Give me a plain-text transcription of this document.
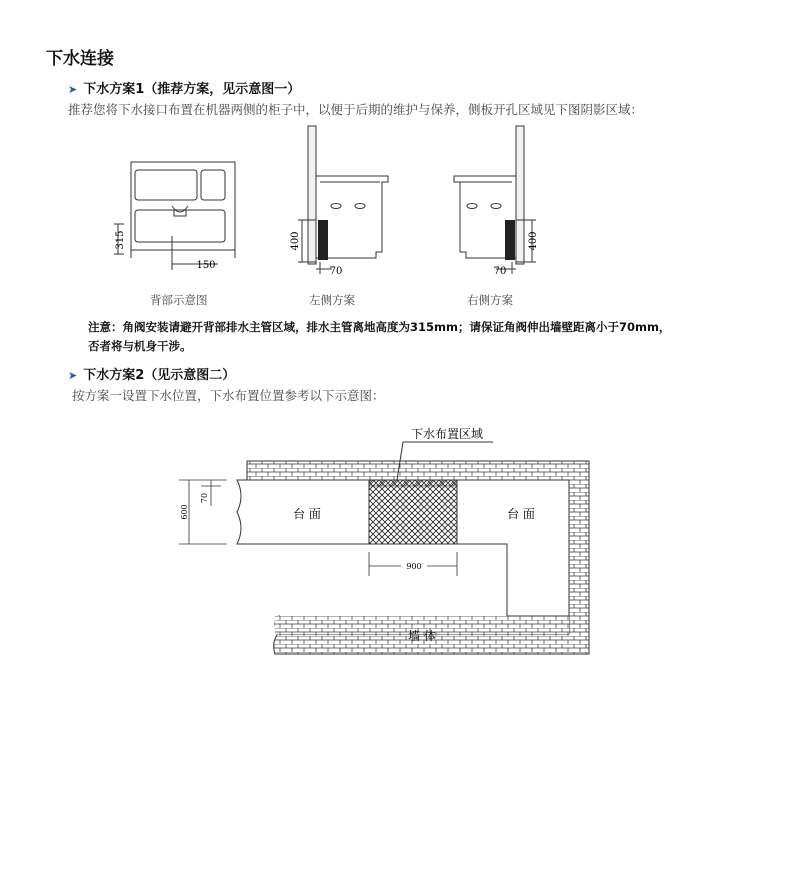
下水连接
➤ 下水方案1（推荐方案，见示意图一）
推荐您将下水接口布置在机器两侧的柜子中，以便于后期的维护与保养，侧板开孔区域见下图阴影区域：
315
150
背部示意图
400
70
左侧方案
400
70
右侧方案
注意：角阀安装请避开背部排水主管区域，排水主管离地高度为315mm；请保证角阀伸出墙壁距离小于70mm，
否者将与机身干涉。
➤ 下水方案2（见示意图二）
按方案一设置下水位置，下水布置位置参考以下示意图：
下水布置区域
台 面	台 面
墙 体
900
600
70
